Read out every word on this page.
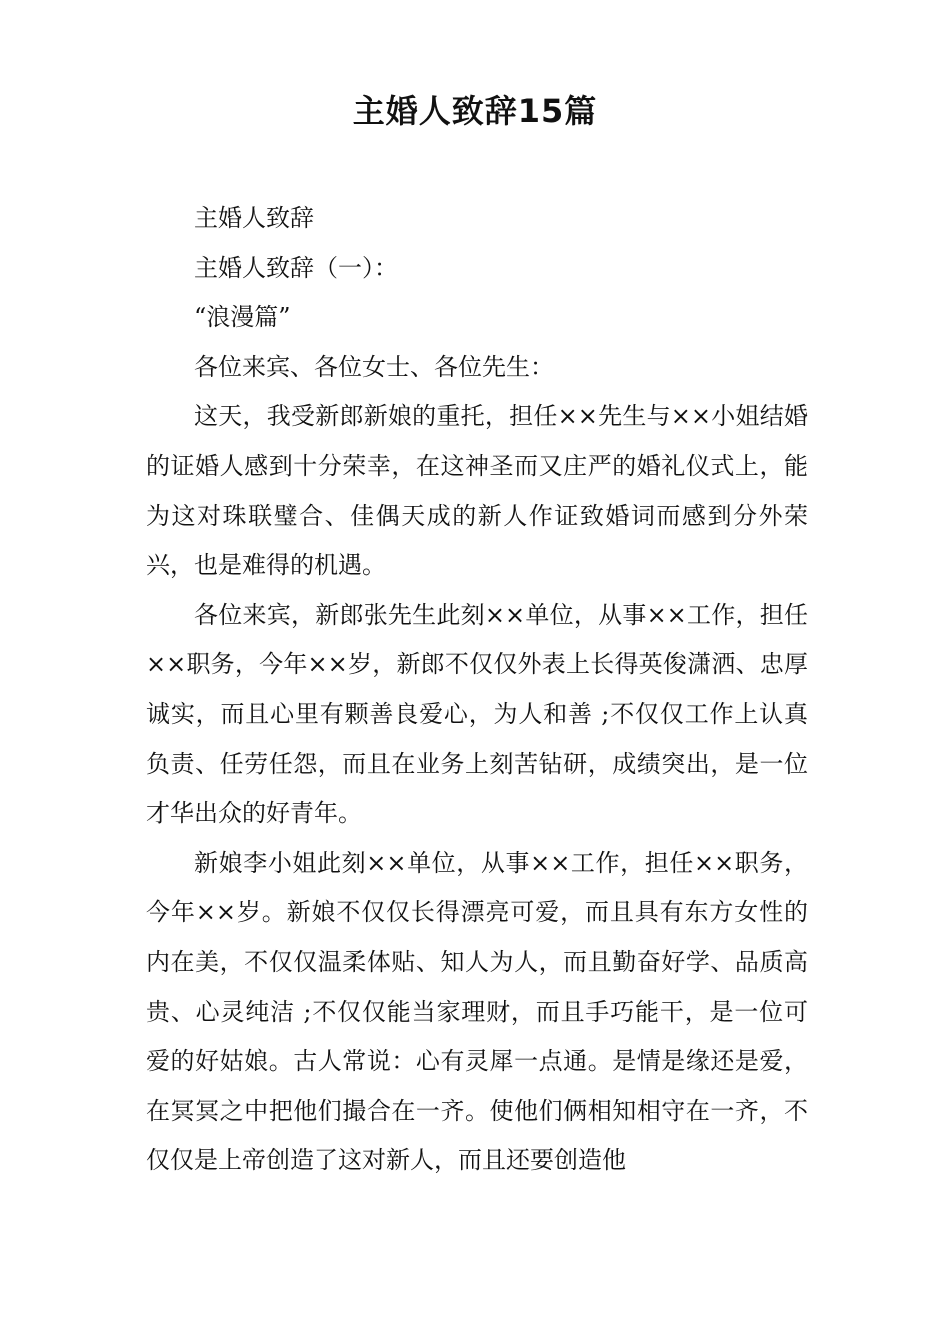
主婚人致辞15篇

主婚人致辞

主婚人致辞（一）：

“浪漫篇”

各位来宾、各位女士、各位先生：

这天，我受新郎新娘的重托，担任××先生与××小姐结婚的证婚人感到十分荣幸，在这神圣而又庄严的婚礼仪式上，能为这对珠联璧合、佳偶天成的新人作证致婚词而感到分外荣兴，也是难得的机遇。

各位来宾，新郎张先生此刻××单位，从事××工作，担任××职务，今年××岁，新郎不仅仅外表上长得英俊潇洒、忠厚诚实，而且心里有颗善良爱心，为人和善 ;不仅仅工作上认真负责、任劳任怨，而且在业务上刻苦钻研，成绩突出，是一位才华出众的好青年。

新娘李小姐此刻××单位，从事××工作，担任××职务，今年××岁。新娘不仅仅长得漂亮可爱，而且具有东方女性的内在美，不仅仅温柔体贴、知人为人，而且勤奋好学、品质高贵、心灵纯洁 ;不仅仅能当家理财，而且手巧能干，是一位可爱的好姑娘。古人常说：心有灵犀一点通。是情是缘还是爱，在冥冥之中把他们撮合在一齐。使他们俩相知相守在一齐，不仅仅是上帝创造了这对新人，而且还要创造他
